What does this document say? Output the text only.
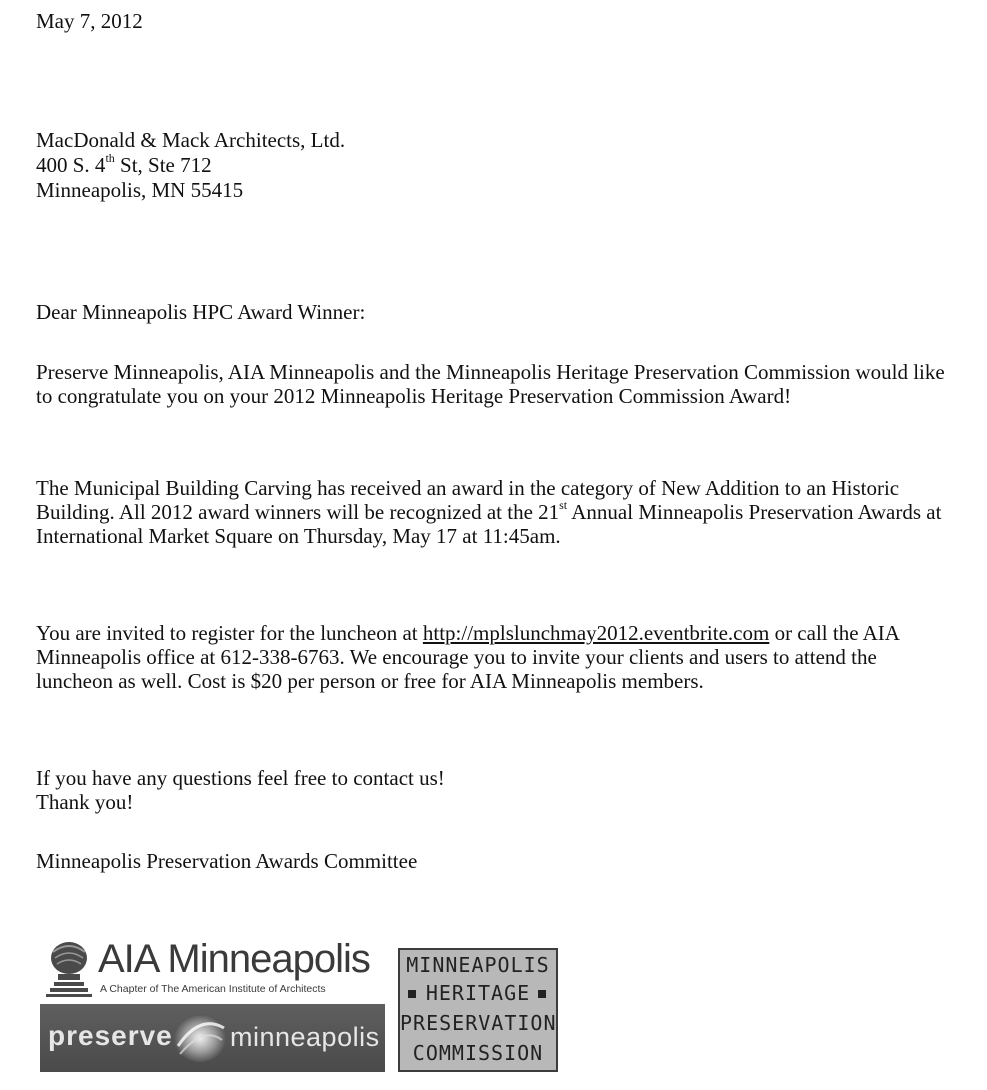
May 7, 2012
MacDonald & Mack Architects, Ltd.
400 S. 4th St, Ste 712
Minneapolis, MN 55415
Dear Minneapolis HPC Award Winner:
Preserve Minneapolis, AIA Minneapolis and the Minneapolis Heritage Preservation Commission would like to congratulate you on your 2012 Minneapolis Heritage Preservation Commission Award!
The Municipal Building Carving has received an award in the category of New Addition to an Historic Building. All 2012 award winners will be recognized at the 21st Annual Minneapolis Preservation Awards at International Market Square on Thursday, May 17 at 11:45am.
You are invited to register for the luncheon at http://mplslunchmay2012.eventbrite.com or call the AIA Minneapolis office at 612-338-6763. We encourage you to invite your clients and users to attend the luncheon as well. Cost is $20 per person or free for AIA Minneapolis members.
If you have any questions feel free to contact us!
Thank you!
Minneapolis Preservation Awards Committee
AIA Minneapolis
A Chapter of The American Institute of Architects
preserve minneapolis
MINNEAPOLIS
HERITAGE
PRESERVATION
COMMISSION
